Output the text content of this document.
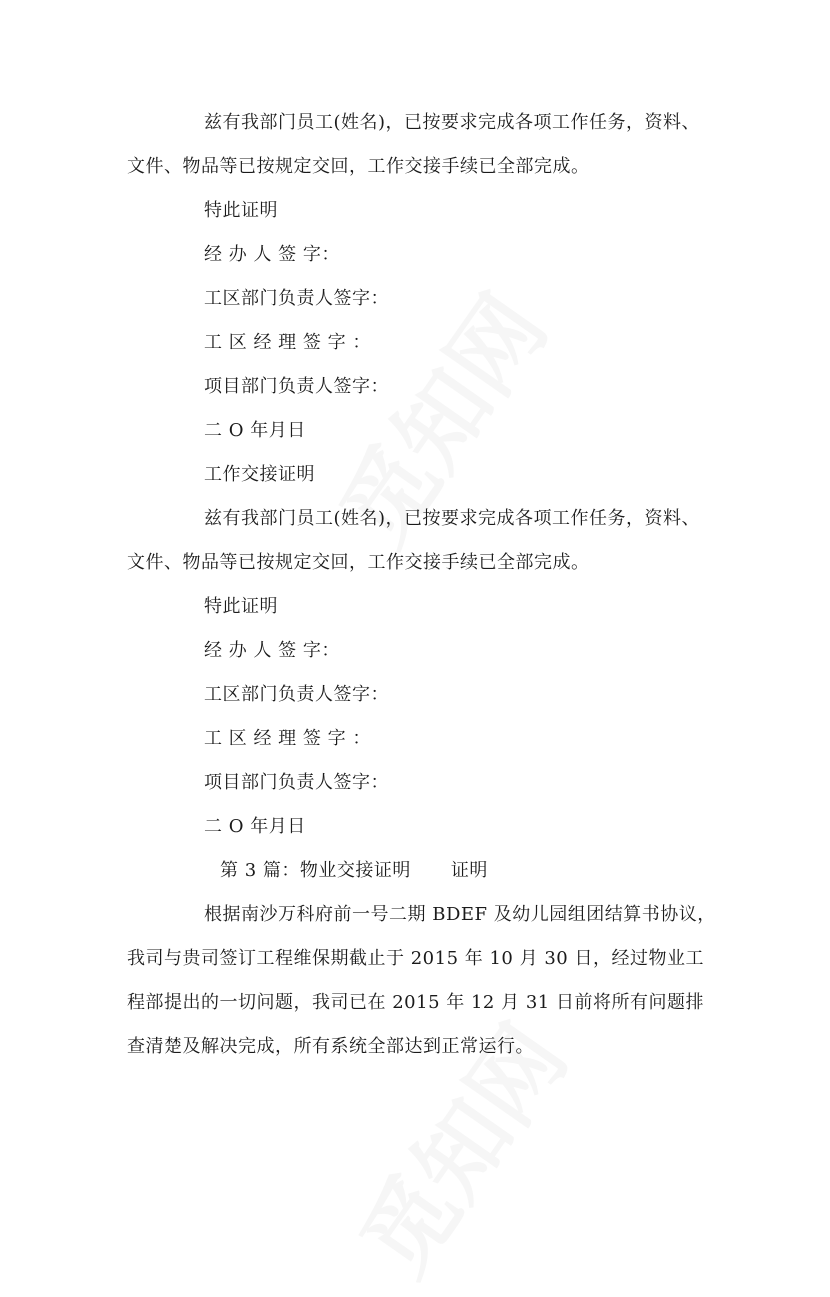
兹有我部门员工(姓名)，已按要求完成各项工作任务，资料、
文件、物品等已按规定交回，工作交接手续已全部完成。
特此证明
经 办 人 签 字：
工区部门负责人签字：
工 区 经 理 签 字 ：
项目部门负责人签字：
二 O 年月日
工作交接证明
兹有我部门员工(姓名)，已按要求完成各项工作任务，资料、
文件、物品等已按规定交回，工作交接手续已全部完成。
特此证明
经 办 人 签 字：
工区部门负责人签字：
工 区 经 理 签 字 ：
项目部门负责人签字：
二 O 年月日
第 3 篇：物业交接证明 证明
根据南沙万科府前一号二期 BDEF 及幼儿园组团结算书协议，
我司与贵司签订工程维保期截止于 2015 年 10 月 30 日，经过物业工
程部提出的一切问题，我司已在 2015 年 12 月 31 日前将所有问题排
查清楚及解决完成，所有系统全部达到正常运行。
